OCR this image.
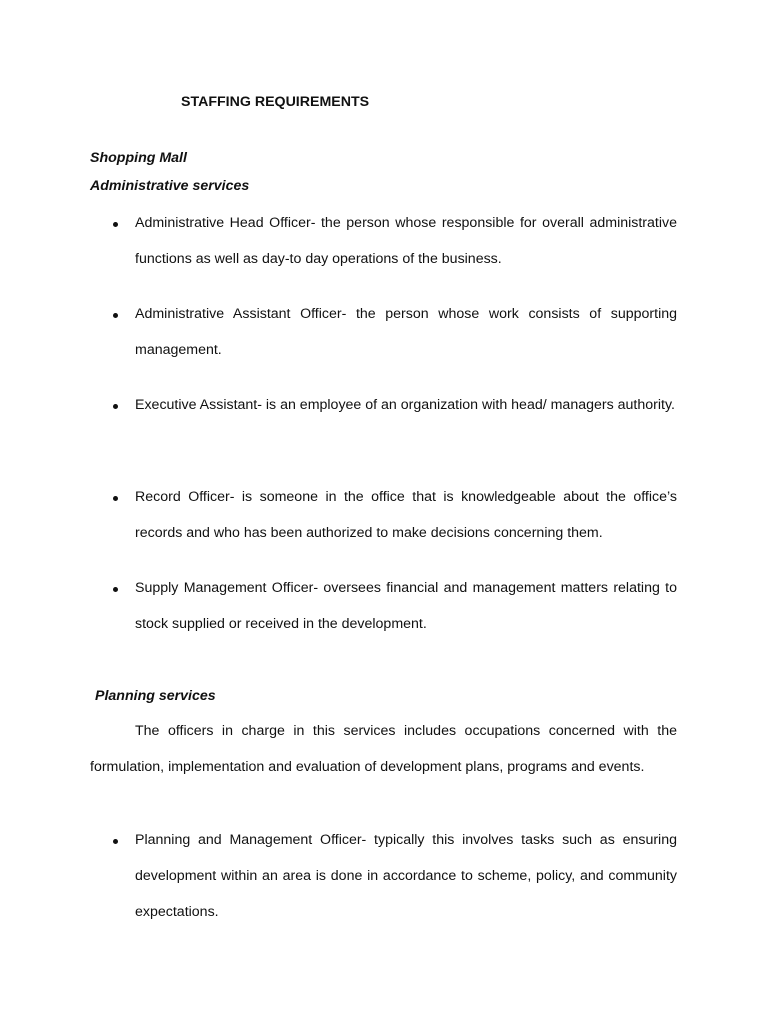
STAFFING REQUIREMENTS
Shopping Mall
Administrative services

Administrative Head Officer- the person whose responsible for overall administrative functions as well as day-to day operations of the business.

Administrative Assistant Officer- the person whose work consists of supporting management.

Executive Assistant- is an employee of an organization with head/ managers authority.

Record Officer- is someone in the office that is knowledgeable about the office’s records and who has been authorized to make decisions concerning them.

Supply Management Officer- oversees financial and management matters relating to stock supplied or received in the development.

Planning services

The officers in charge in this services includes occupations concerned with the formulation, implementation and evaluation of development plans, programs and events.

Planning and Management Officer- typically this involves tasks such as ensuring development within an area is done in accordance to scheme, policy, and community expectations.
